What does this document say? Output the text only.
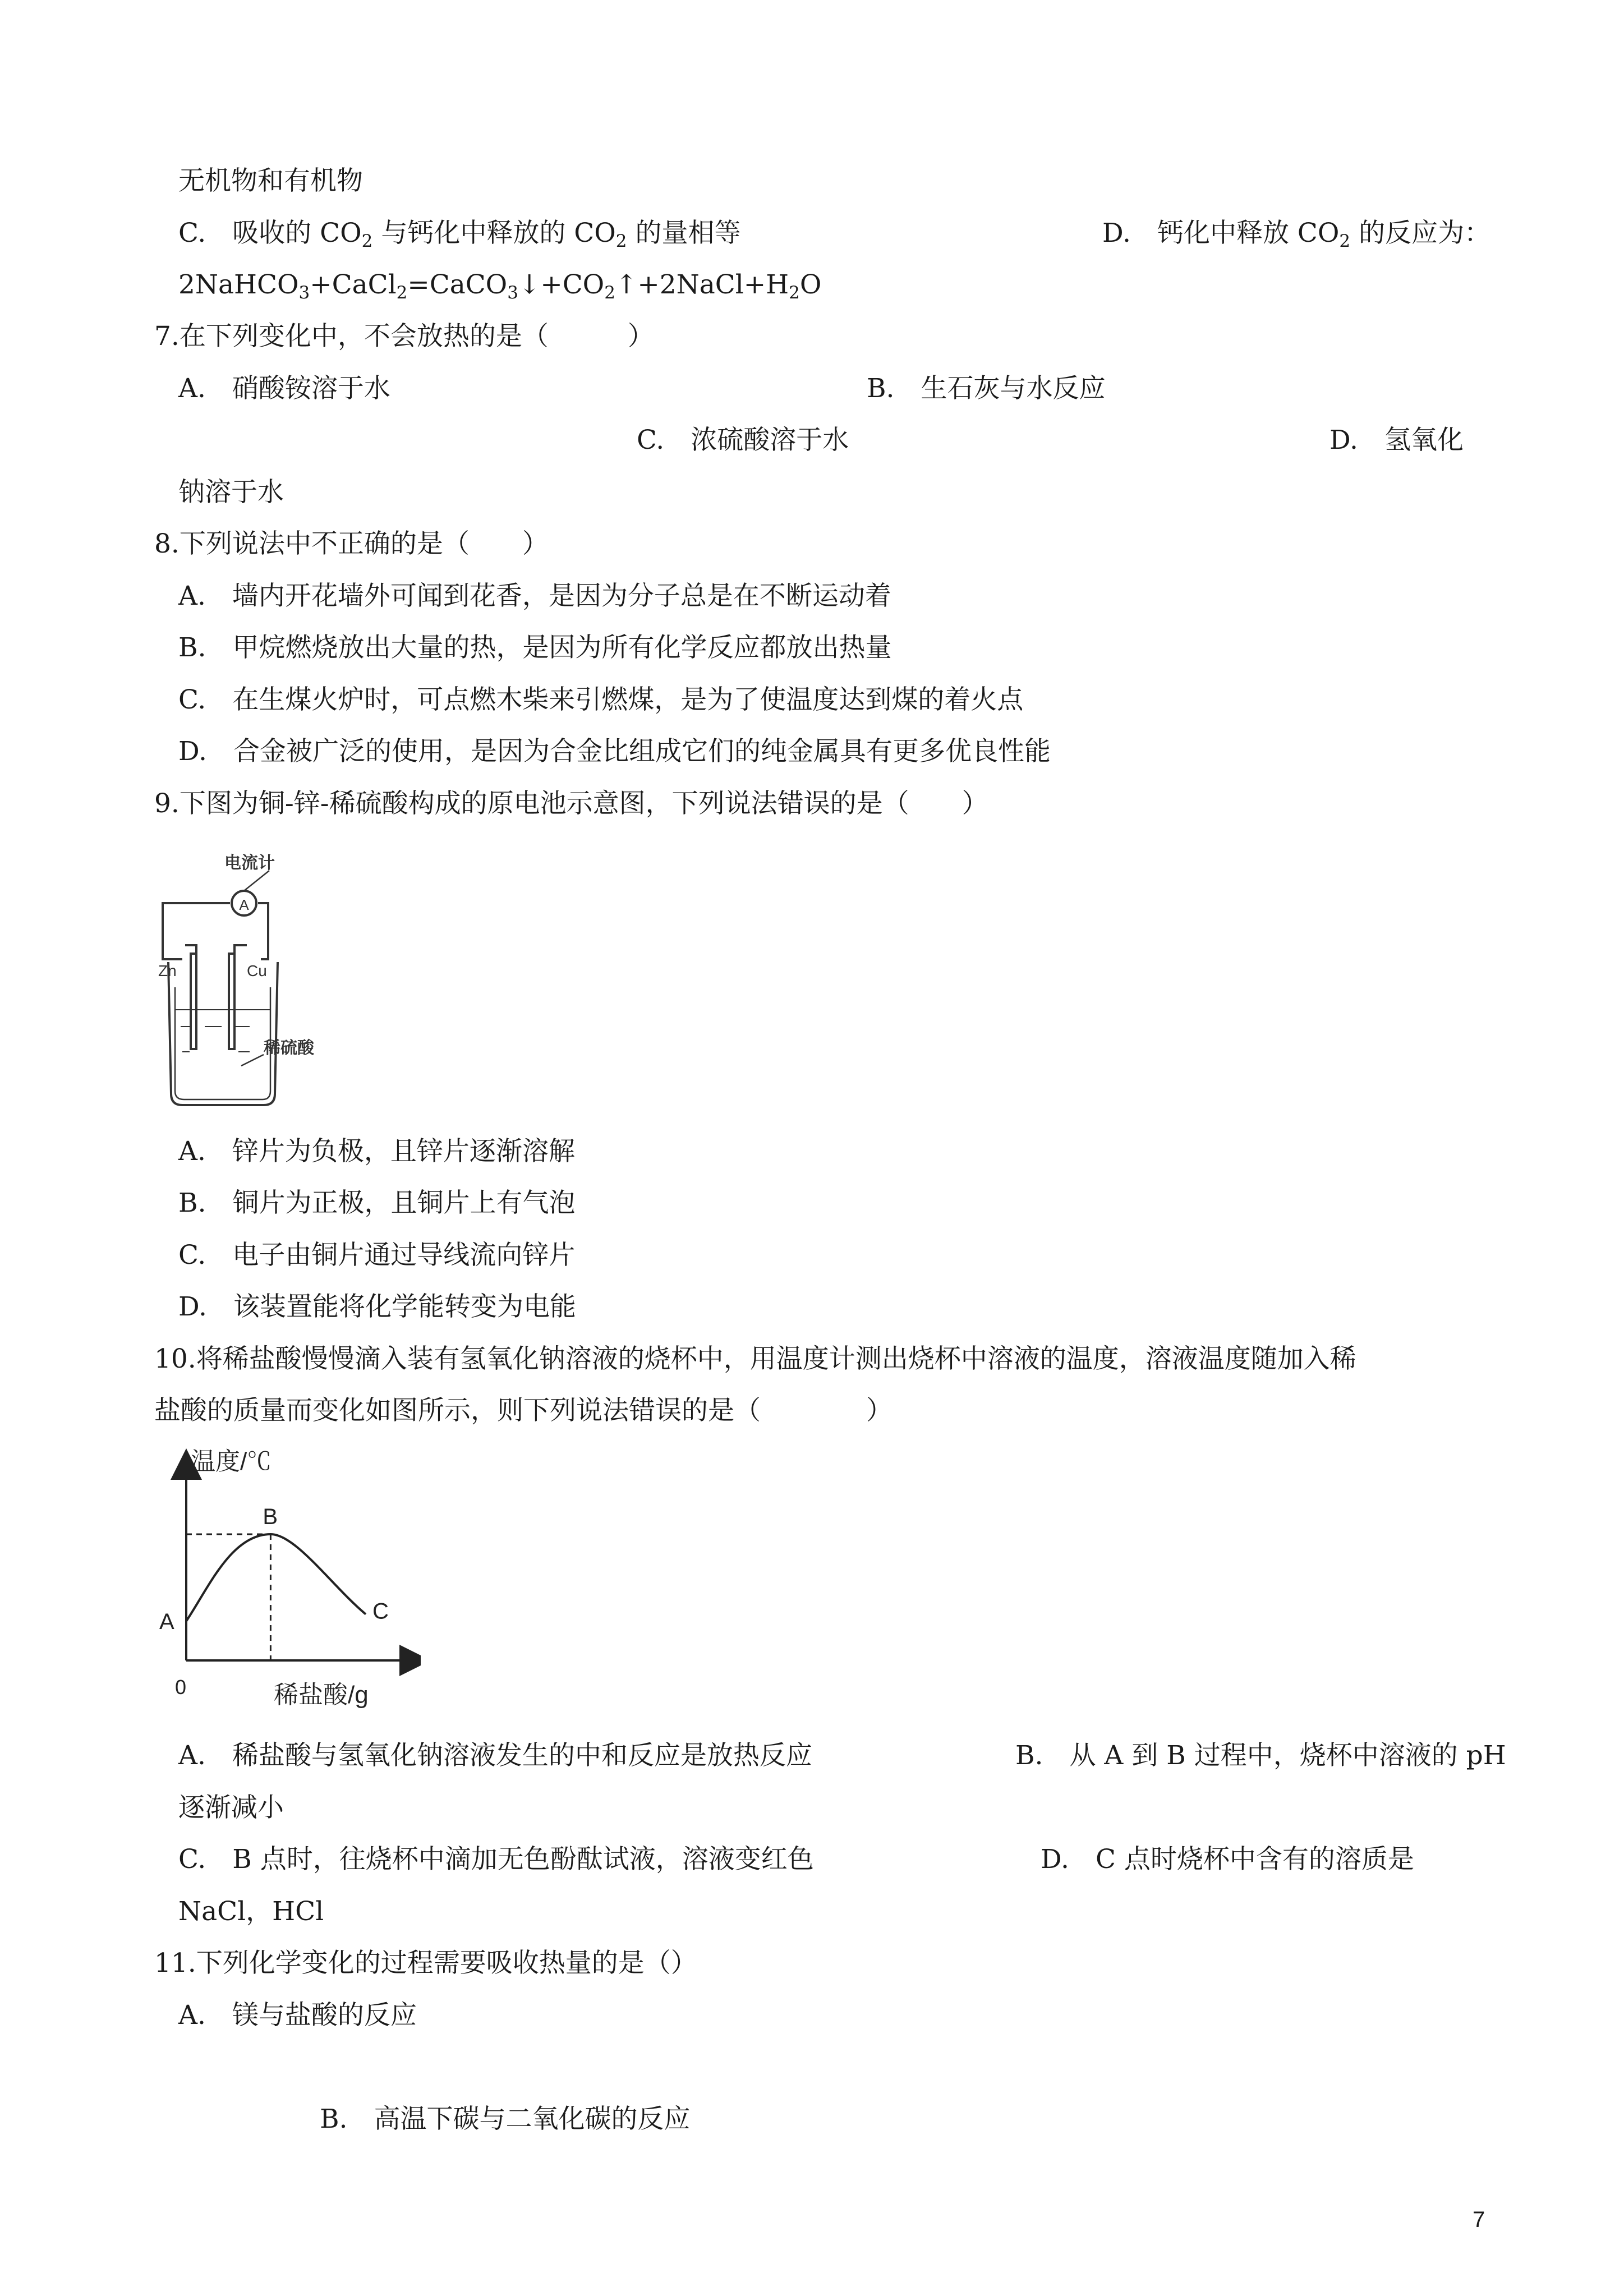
无机物和有机物
C.　吸收的 $CO_2$ 与钙化中释放的 $CO_2$ 的量相等	D.　钙化中释放 $CO_2$ 的反应为：
$2NaHCO_3+CaCl_2=CaCO_3↓+CO_2↑+2NaCl+H_2O$
7.在下列变化中，不会放热的是（　　　）
A.　硝酸铵溶于水	B.　生石灰与水反应
C.　浓硫酸溶于水	D.　氢氧化
钠溶于水
8.下列说法中不正确的是（　　）
A.　墙内开花墙外可闻到花香，是因为分子总是在不断运动着
B.　甲烷燃烧放出大量的热，是因为所有化学反应都放出热量
C.　在生煤火炉时，可点燃木柴来引燃煤，是为了使温度达到煤的着火点
D.　合金被广泛的使用，是因为合金比组成它们的纯金属具有更多优良性能
9.下图为铜-锌-稀硫酸构成的原电池示意图，下列说法错误的是（　　）
A
电流计
Zn	Cu
稀硫酸
A.　锌片为负极，且锌片逐渐溶解
B.　铜片为正极，且铜片上有气泡
C.　电子由铜片通过导线流向锌片
D.　该装置能将化学能转变为电能
10.将稀盐酸慢慢滴入装有氢氧化钠溶液的烧杯中，用温度计测出烧杯中溶液的温度，溶液温度随加入稀
盐酸的质量而变化如图所示，则下列说法错误的是（　　　　）
温度/℃
稀盐酸/g
0
A
B
C
A.　稀盐酸与氢氧化钠溶液发生的中和反应是放热反应	B.　从 A 到 B 过程中，烧杯中溶液的 pH
逐渐减小
C.　B 点时，往烧杯中滴加无色酚酞试液，溶液变红色	D.　C 点时烧杯中含有的溶质是
NaCl，HCl
11.下列化学变化的过程需要吸收热量的是（）
A.　镁与盐酸的反应
B.　高温下碳与二氧化碳的反应
7
